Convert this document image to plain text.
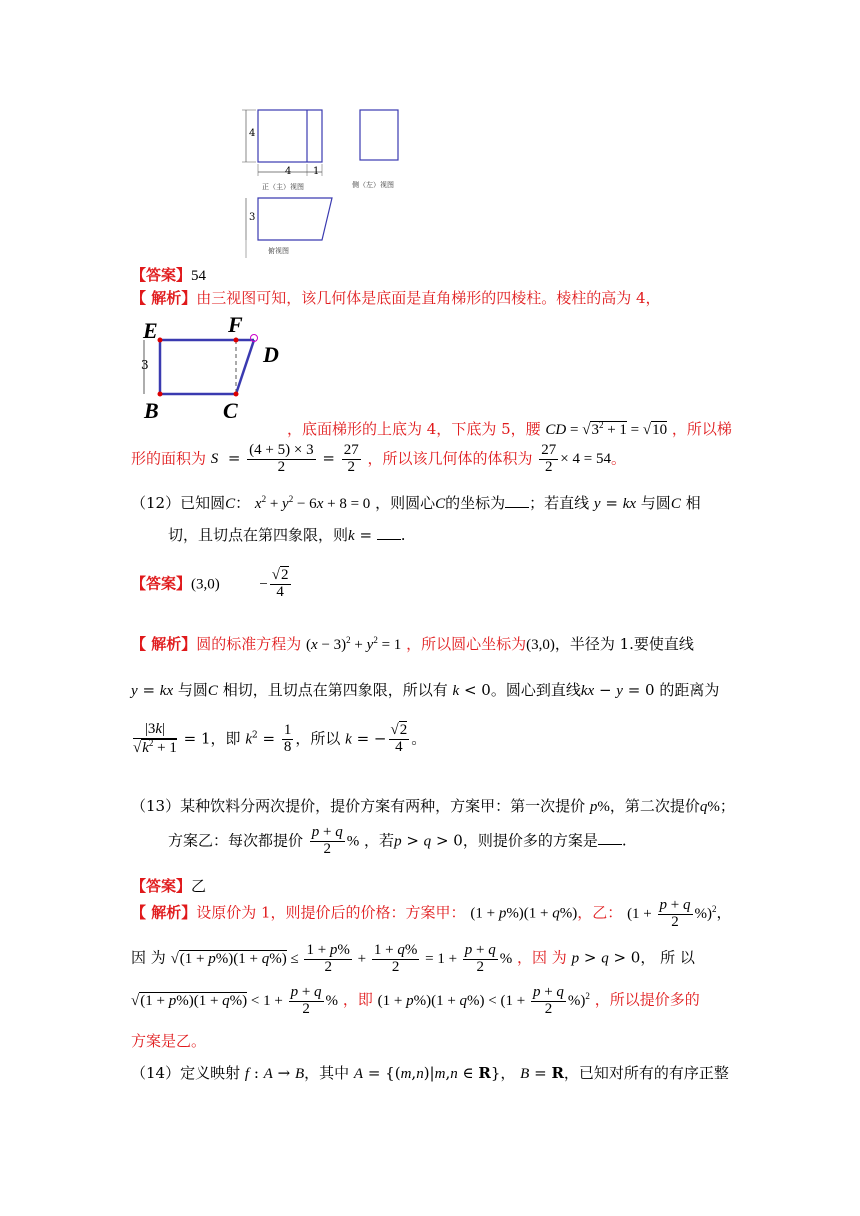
4
4 1
正（主）视图	侧（左）视图
3
俯视图
【答案】54
【 解析】由三视图可知，该几何体是底面是直角梯形的四棱柱。棱柱的高为 4，
E	F
D
3
B	C
，底面梯形的上底为 4，下底为 5，腰 CD = $√3^2 + 1 = √10$ ，所以梯
形的面积为 $S = \frac{(4 + 5) \times 3}{2} = \frac{27}{2}$ ，所以该几何体的体积为 $\frac{27}{2} \times 4 = 54$。
（12）已知圆C： $x^2 + y^2 - 6x + 8 = 0$ ，则圆心C的坐标为 ；若直线 y = kx 与圆C 相
切，且切点在第四象限，则k = .
【答案】(3,0)	− $\frac{√2}{4}$
【 解析】圆的标准方程为 $(x - 3)^2 + y^2 = 1$ ，所以圆心坐标为(3,0)，半径为 1.要使直线
y = kx 与圆C 相切，且切点在第四象限，所以有 k < 0。圆心到直线kx − y = 0 的距离为
$\frac{|3k|}{√k^2 + 1} = 1$，即 $k^2 = \frac{1}{8}$ ，所以 k = − $\frac{√2}{4}$ 。
（13）某种饮料分两次提价，提价方案有两种，方案甲：第一次提价 p%，第二次提价q%；
方案乙：每次都提价 $\frac{p + q}{2}$ % ，若p > q > 0，则提价多的方案是 .
【答案】乙
【 解析】设原价为 1，则提价后的价格：方案甲： (1 + p%)(1 + q%)，乙： $(1 + \frac{p + q}{2} \%)^2$，
因 为 $√(1 + p\%)(1 + q\%) \le \frac{1 + p\%}{2} + \frac{1 + q\%}{2} = 1 + \frac{p + q}{2}$ % ，因 为 p > q > 0， 所 以
$√(1 + p\%)(1 + q\%) < 1 + \frac{p + q}{2}$ % ，即 $(1 + p\%)(1 + q\%) < (1 + \frac{p + q}{2} \%)^2$ ，所以提价多的
方案是乙。
（14）定义映射 f : A → B，其中 A = {(m,n)|m,n ∈ R}， B = R，已知对所有的有序正整
